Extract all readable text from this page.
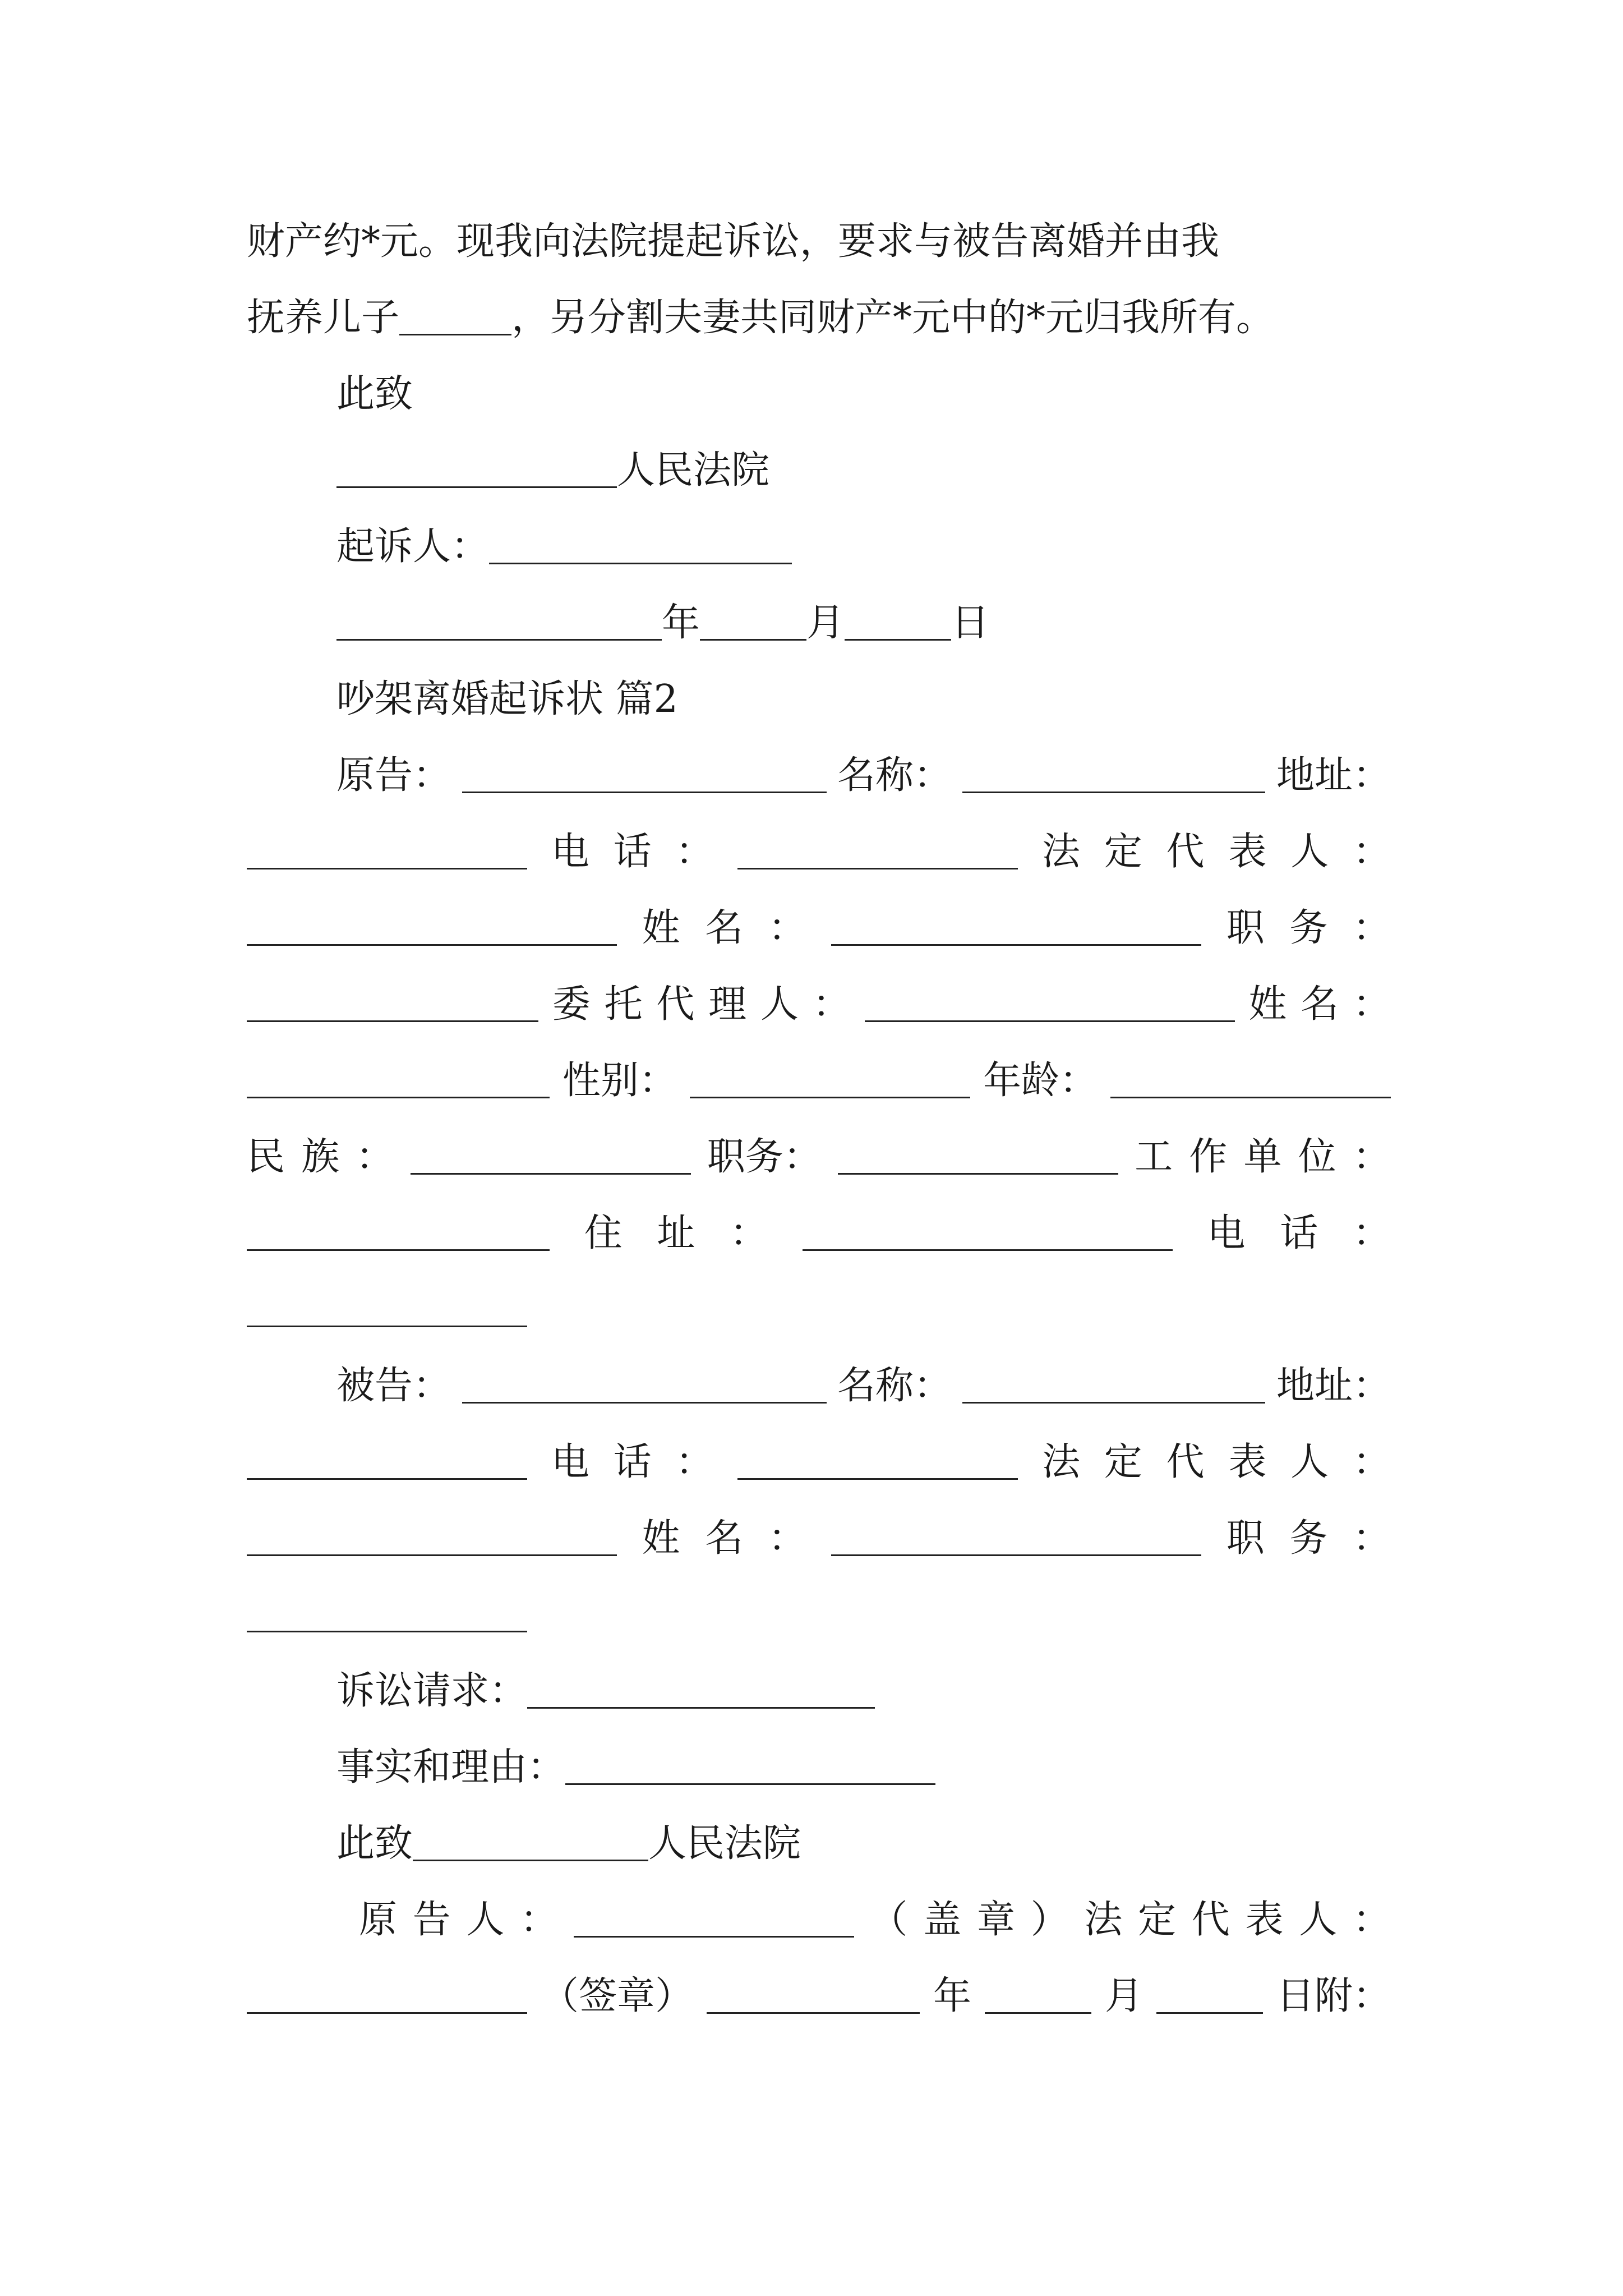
财产约*元。现我向法院提起诉讼，要求与被告离婚并由我
抚养儿子	，另分割夫妻共同财产*元中的*元归我所有。
此致
人民法院
起诉人：
年	月	日
吵架离婚起诉状 篇2
原告：	名称：	地址：
电 话 ：	法 定 代 表 人 ：
姓 名 ：	职 务 ：
委 托 代 理 人 ：	姓 名 ：
性别：	年龄：
民 族 ：	职务：	工 作 单 位 ：
住 址 ：	电 话 ：
被告：	名称：	地址：
电 话 ：	法 定 代 表 人 ：
姓 名 ：	职 务 ：
诉讼请求：
事实和理由：
此致	人民法院
原 告 人 ：	（ 盖 章 ） 法 定 代 表 人 ：
（签章）	年	月	日附：
